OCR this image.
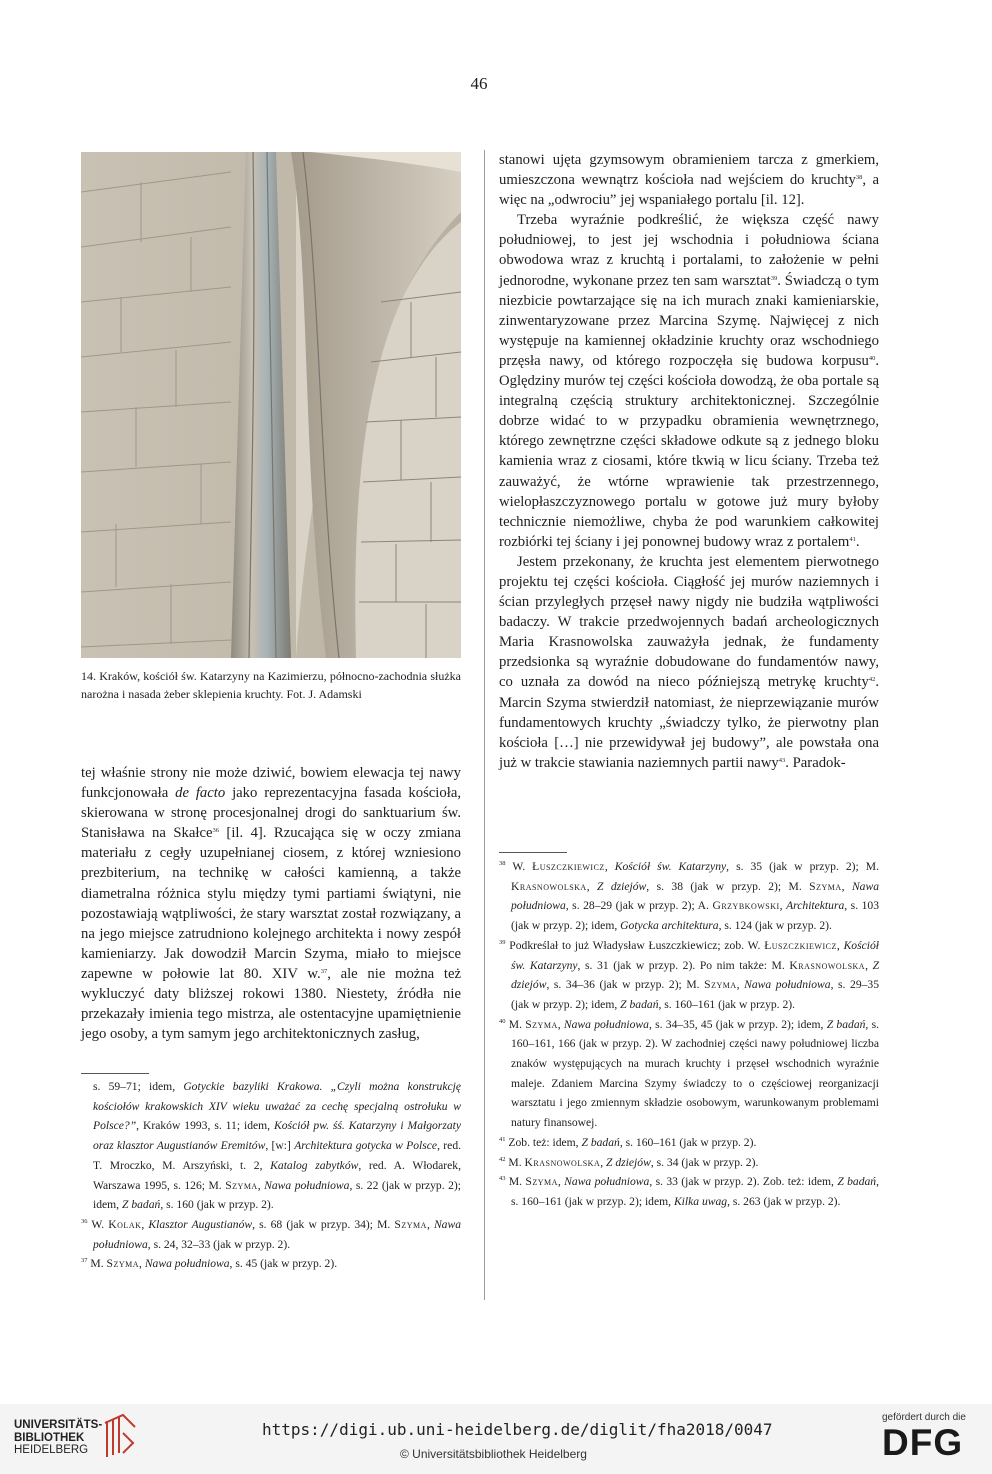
46
14. Kraków, kościół św. Katarzyny na Kazimierzu, północno-zachodnia służka narożna i nasada żeber sklepienia kruchty. Fot. J. Adamski

tej właśnie strony nie może dziwić, bowiem elewacja tej nawy funkcjonowała de facto jako reprezentacyjna fasada kościoła, skierowana w stronę procesjonalnej drogi do sanktuarium św. Stanisława na Skałce$^{36}$ [il. 4]. Rzucająca się w oczy zmiana materiału z cegły uzupełnianej ciosem, z której wzniesiono prezbiterium, na technikę w całości kamienną, a także diametralna różnica stylu między tymi partiami świątyni, nie pozostawiają wątpliwości, że stary warsztat został rozwiązany, a na jego miejsce zatrudniono kolejnego architekta i nowy zespół kamieniarzy. Jak dowodził Marcin Szyma, miało to miejsce zapewne w połowie lat 80. XIV w.$^{37}$, ale nie można też wykluczyć daty bliższej rokowi 1380. Niestety, źródła nie przekazały imienia tego mistrza, ale ostentacyjne upamiętnienie jego osoby, a tym samym jego architektonicznych zasług,

s. 59–71; idem, Gotyckie bazyliki Krakowa. „Czyli można konstrukcję kościołów krakowskich XIV wieku uważać za cechę specjalną ostrołuku w Polsce?”, Kraków 1993, s. 11; idem, Kościół pw. śś. Katarzyny i Małgorzaty oraz klasztor Augustianów Eremitów, [w:] Architektura gotycka w Polsce, red. T. Mroczko, M. Arszyński, t. 2, Katalog zabytków, red. A. Włodarek, Warszawa 1995, s. 126; M. Szyma, Nawa południowa, s. 22 (jak w przyp. 2); idem, Z badań, s. 160 (jak w przyp. 2).

$^{36}$ W. Kolak, Klasztor Augustianów, s. 68 (jak w przyp. 34); M. Szyma, Nawa południowa, s. 24, 32–33 (jak w przyp. 2).

$^{37}$ M. Szyma, Nawa południowa, s. 45 (jak w przyp. 2).

stanowi ujęta gzymsowym obramieniem tarcza z gmerkiem, umieszczona wewnątrz kościoła nad wejściem do kruchty$^{38}$, a więc na „odwrociu” jej wspaniałego portalu [il. 12].

Trzeba wyraźnie podkreślić, że większa część nawy południowej, to jest jej wschodnia i południowa ściana obwodowa wraz z kruchtą i portalami, to założenie w pełni jednorodne, wykonane przez ten sam warsztat$^{39}$. Świadczą o tym niezbicie powtarzające się na ich murach znaki kamieniarskie, zinwentaryzowane przez Marcina Szymę. Najwięcej z nich występuje na kamiennej okładzinie kruchty oraz wschodniego przęsła nawy, od którego rozpoczęła się budowa korpusu$^{40}$. Oględziny murów tej części kościoła dowodzą, że oba portale są integralną częścią struktury architektonicznej. Szczególnie dobrze widać to w przypadku obramienia wewnętrznego, którego zewnętrzne części składowe odkute są z jednego bloku kamienia wraz z ciosami, które tkwią w licu ściany. Trzeba też zauważyć, że wtórne wprawienie tak przestrzennego, wielopłaszczyznowego portalu w gotowe już mury byłoby technicznie niemożliwe, chyba że pod warunkiem całkowitej rozbiórki tej ściany i jej ponownej budowy wraz z portalem$^{41}$.

Jestem przekonany, że kruchta jest elementem pierwotnego projektu tej części kościoła. Ciągłość jej murów naziemnych i ścian przyległych przęseł nawy nigdy nie budziła wątpliwości badaczy. W trakcie przedwojennych badań archeologicznych Maria Krasnowolska zauważyła jednak, że fundamenty przedsionka są wyraźnie dobudowane do fundamentów nawy, co uznała za dowód na nieco późniejszą metrykę kruchty$^{42}$. Marcin Szyma stwierdził natomiast, że nieprzewiązanie murów fundamentowych kruchty „świadczy tylko, że pierwotny plan kościoła […] nie przewidywał jej budowy”, ale powstała ona już w trakcie stawiania naziemnych partii nawy$^{43}$. Paradok-

$^{38}$ W. Łuszczkiewicz, Kościół św. Katarzyny, s. 35 (jak w przyp. 2); M. Krasnowolska, Z dziejów, s. 38 (jak w przyp. 2); M. Szyma, Nawa południowa, s. 28–29 (jak w przyp. 2); A. Grzybkowski, Architektura, s. 103 (jak w przyp. 2); idem, Gotycka architektura, s. 124 (jak w przyp. 2).

$^{39}$ Podkreślał to już Władysław Łuszczkiewicz; zob. W. Łuszczkiewicz, Kościół św. Katarzyny, s. 31 (jak w przyp. 2). Po nim także: M. Krasnowolska, Z dziejów, s. 34–36 (jak w przyp. 2); M. Szyma, Nawa południowa, s. 29–35 (jak w przyp. 2); idem, Z badań, s. 160–161 (jak w przyp. 2).

$^{40}$ M. Szyma, Nawa południowa, s. 34–35, 45 (jak w przyp. 2); idem, Z badań, s. 160–161, 166 (jak w przyp. 2). W zachodniej części nawy południowej liczba znaków występujących na murach kruchty i przęseł wschodnich wyraźnie maleje. Zdaniem Marcina Szymy świadczy to o częściowej reorganizacji warsztatu i jego zmiennym składzie osobowym, warunkowanym problemami natury finansowej.

$^{41}$ Zob. też: idem, Z badań, s. 160–161 (jak w przyp. 2).

$^{42}$ M. Krasnowolska, Z dziejów, s. 34 (jak w przyp. 2).

$^{43}$ M. Szyma, Nawa południowa, s. 33 (jak w przyp. 2). Zob. też: idem, Z badań, s. 160–161 (jak w przyp. 2); idem, Kilka uwag, s. 263 (jak w przyp. 2).

UNIVERSITÄTS-
BIBLIOTHEK
HEIDELBERG
https://digi.ub.uni-heidelberg.de/diglit/fha2018/0047
© Universitätsbibliothek Heidelberg
gefördert durch die
DFG
